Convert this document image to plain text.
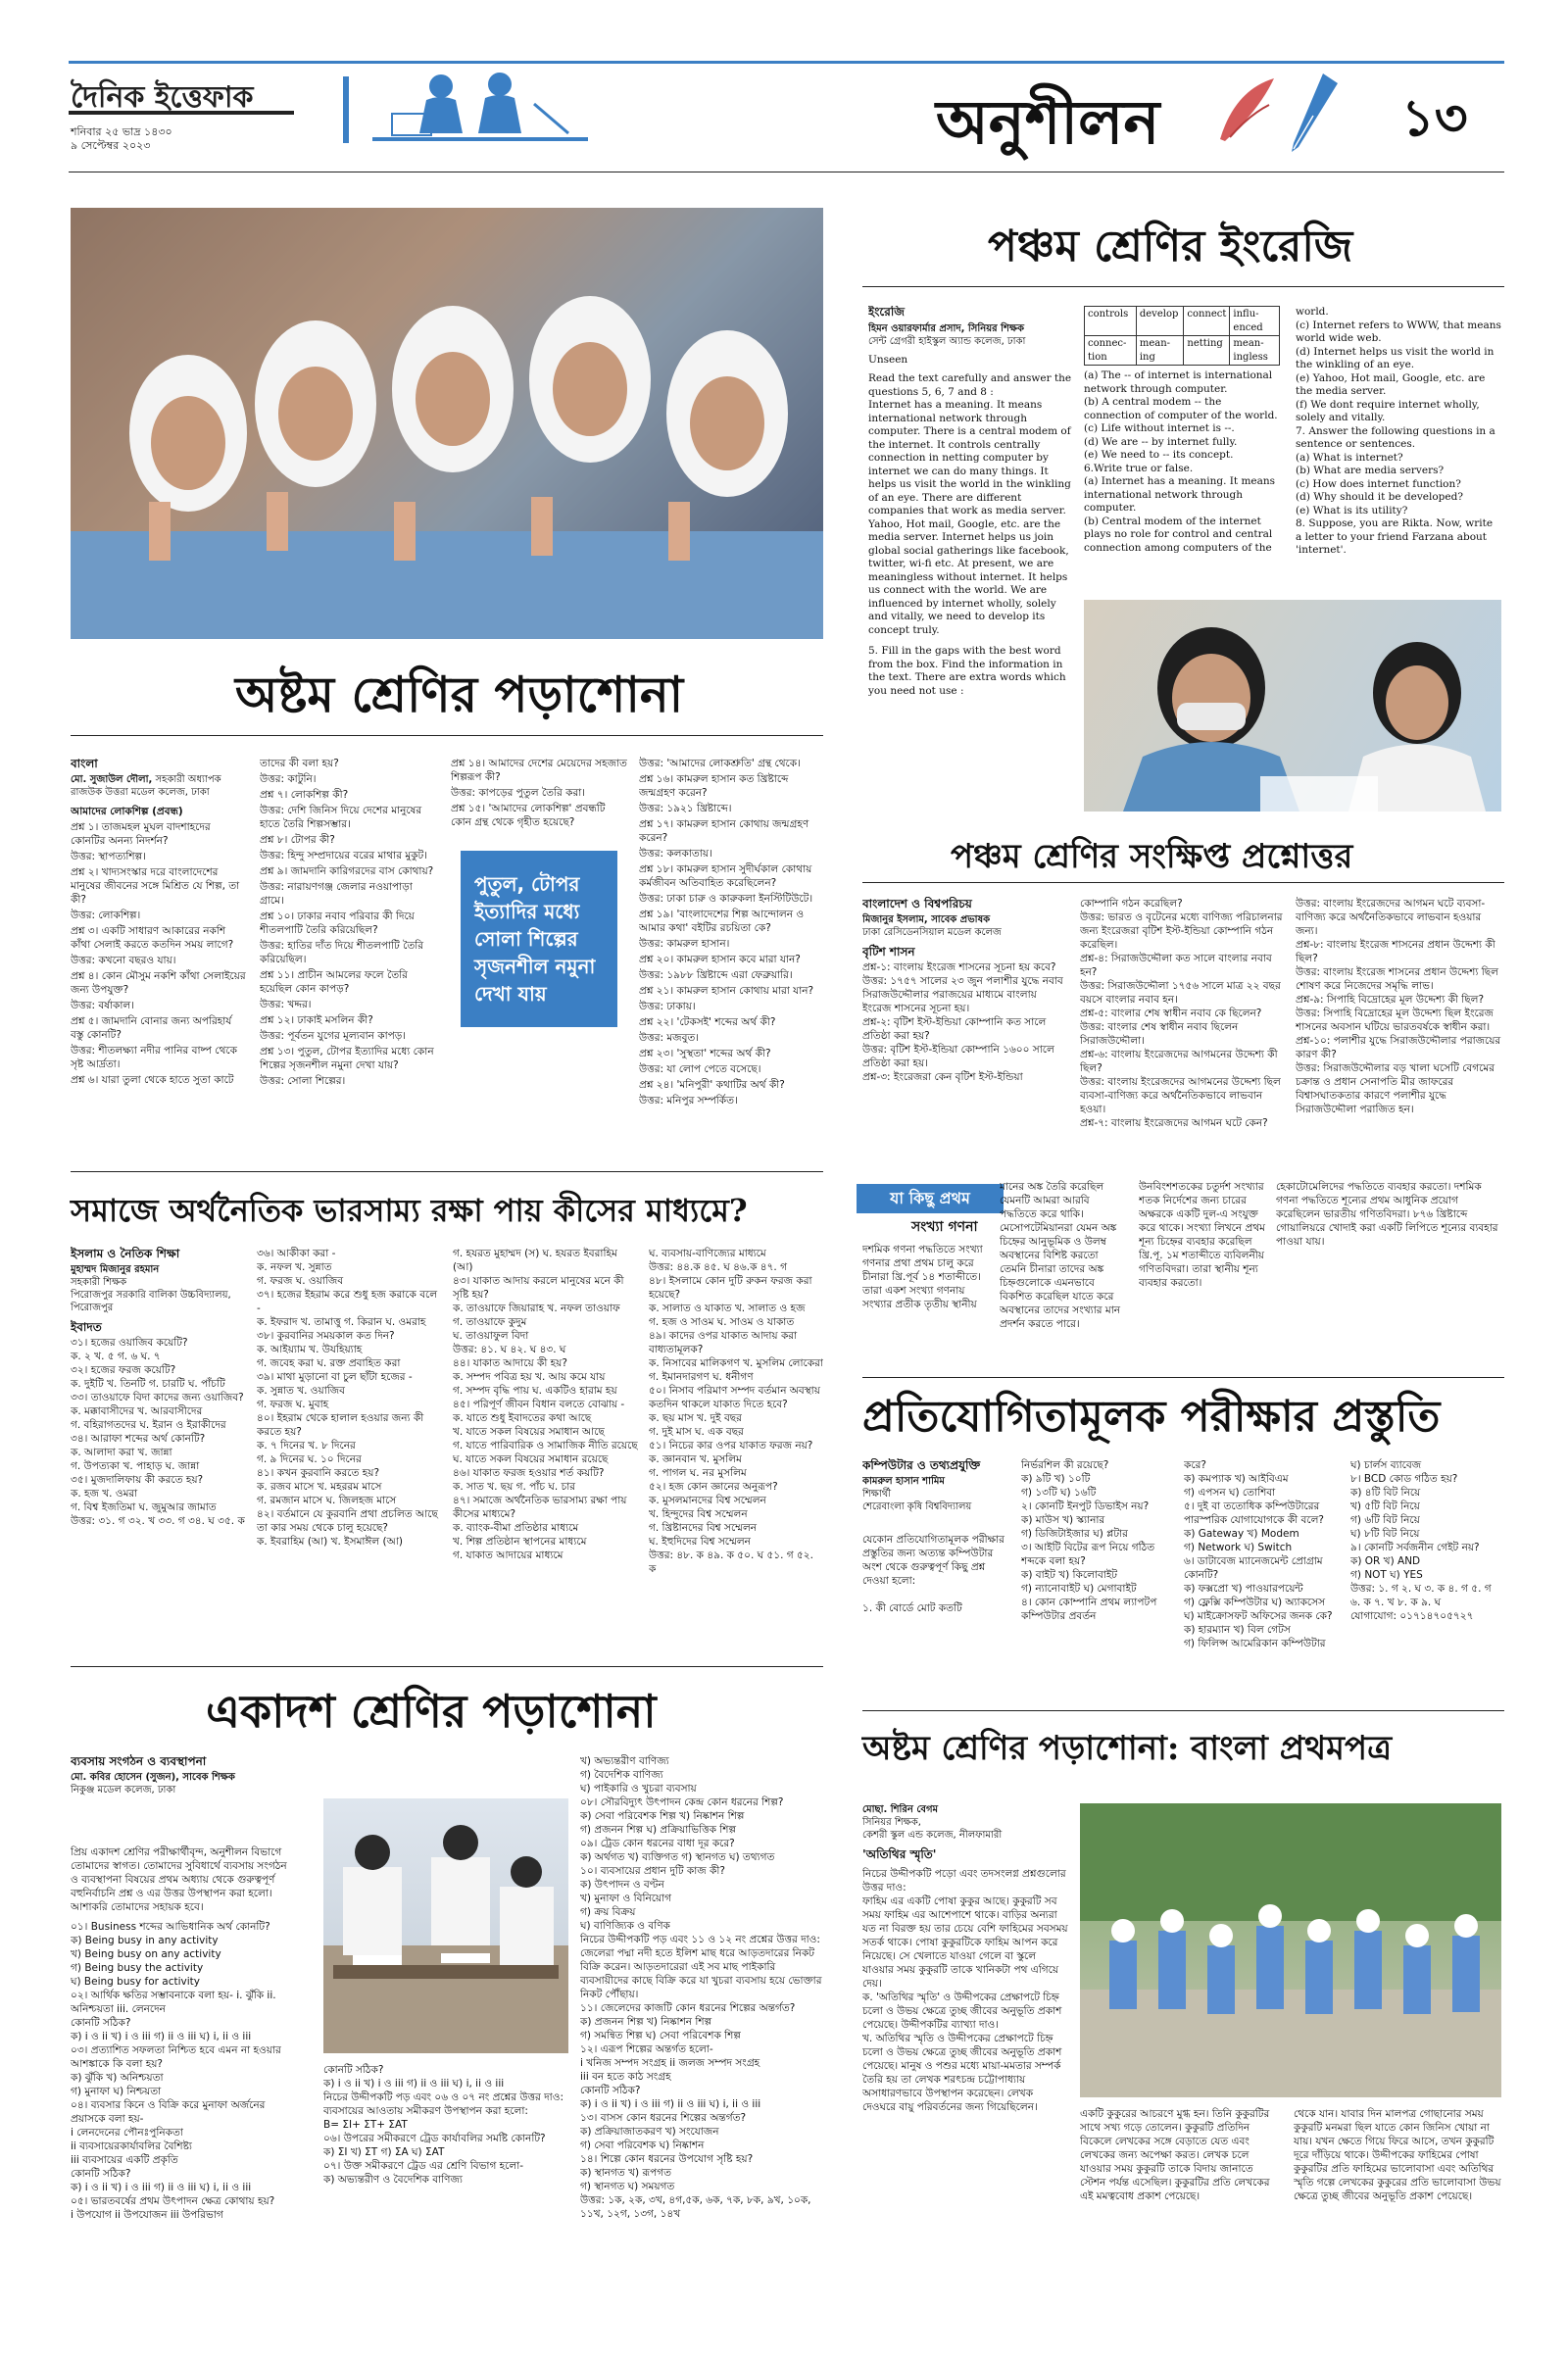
দৈনিক ইত্তেফাক
শনিবার ২৫ ভাদ্র ১৪৩০
৯ সেপ্টেম্বর ২০২৩	অনুশীলন	১৩
অষ্টম শ্রেণির পড়াশোনা
বাংলা
মো. সুজাউল দৌলা, সহকারী অধ্যাপক
রাজউক উত্তরা মডেল কলেজ, ঢাকা

আমাদের লোকশিল্প (প্রবন্ধ)

প্রশ্ন ১। তাজমহল মুঘল বাদশাহদের কোনটির অনন্য নিদর্শন?

উত্তর: স্থাপত্যশিল্প।

প্রশ্ন ২। খাদ্যসংস্কার দরে বাংলাদেশের মানুষের জীবনের সঙ্গে মিশ্রিত যে শিল্প, তা কী?

উত্তর: লোকশিল্প।

প্রশ্ন ৩। একটি সাধারণ আকারের নকশি কাঁথা সেলাই করতে কতদিন সময় লাগে?

উত্তর: কখনো বছরও যায়।

প্রশ্ন ৪। কোন মৌসুম নকশি কাঁথা সেলাইয়ের জন্য উপযুক্ত?

উত্তর: বর্ষাকাল।

প্রশ্ন ৫। জামদানি বোনার জন্য অপরিহার্য বস্তু কোনটি?

উত্তর: শীতলক্ষ্যা নদীর পানির বাষ্প থেকে সৃষ্ট আর্দ্রতা।

প্রশ্ন ৬। যারা তুলা থেকে হাতে সুতা কাটে

তাদের কী বলা হয়?

উত্তর: কাটুনি।

প্রশ্ন ৭। লোকশিল্প কী?

উত্তর: দেশি জিনিস দিয়ে দেশের মানুষের হাতে তৈরি শিল্পসম্ভার।

প্রশ্ন ৮। টোপর কী?

উত্তর: হিন্দু সম্প্রদায়ের বরের মাথার মুকুট।

প্রশ্ন ৯। জামদানি কারিগরদের বাস কোথায়?

উত্তর: নারায়ণগঞ্জ জেলার নওয়াপাড়া গ্রামে।

প্রশ্ন ১০। ঢাকার নবাব পরিবার কী দিয়ে শীতলপাটি তৈরি করিয়েছিল?

উত্তর: হাতির দাঁত দিয়ে শীতলপাটি তৈরি করিয়েছিল।

প্রশ্ন ১১। প্রাচীন আমলের ফলে তৈরি হয়েছিল কোন কাপড়?

উত্তর: খদ্দর।

প্রশ্ন ১২। ঢাকাই মসলিন কী?

উত্তর: পূর্বতন যুগের মূল্যবান কাপড়।

প্রশ্ন ১৩। পুতুল, টোপর ইত্যাদির মধ্যে কোন শিল্পের সৃজনশীল নমুনা দেখা যায়?

উত্তর: সোলা শিল্পের।

প্রশ্ন ১৪। আমাদের দেশের মেয়েদের সহজাত শিল্পরূপ কী?

উত্তর: কাপড়ের পুতুল তৈরি করা।

প্রশ্ন ১৫। 'আমাদের লোকশিল্প' প্রবন্ধটি কোন গ্রন্থ থেকে গৃহীত হয়েছে?

পুতুল, টোপর ইত্যাদির মধ্যে সোলা শিল্পের সৃজনশীল নমুনা দেখা যায়

উত্তর: 'আমাদের লোকশ্রুতি' গ্রন্থ থেকে।

প্রশ্ন ১৬। কামরুল হাসান কত খ্রিষ্টাব্দে জন্মগ্রহণ করেন?

উত্তর: ১৯২১ খ্রিষ্টাব্দে।

প্রশ্ন ১৭। কামরুল হাসান কোথায় জন্মগ্রহণ করেন?

উত্তর: কলকাতায়।

প্রশ্ন ১৮। কামরুল হাসান সুদীর্ঘকাল কোথায় কর্মজীবন অতিবাহিত করেছিলেন?

উত্তর: ঢাকা চারু ও কারুকলা ইনস্টিটিউটে।

প্রশ্ন ১৯। 'বাংলাদেশের শিল্প আন্দোলন ও আমার কথা' বইটির রচয়িতা কে?

উত্তর: কামরুল হাসান।

প্রশ্ন ২০। কামরুল হাসান কবে মারা যান?

উত্তর: ১৯৮৮ খ্রিষ্টাব্দে এরা ফেব্রুয়ারি।

প্রশ্ন ২১। কামরুল হাসান কোথায় মারা যান?

উত্তর: ঢাকায়।

প্রশ্ন ২২। 'টেকসই' শব্দের অর্থ কী?

উত্তর: মজবুত।

প্রশ্ন ২৩। 'সুস্থতা' শব্দের অর্থ কী?

উত্তর: যা লোপ পেতে বসেছে।

প্রশ্ন ২৪। 'মনিপুরী' কথাটির অর্থ কী?

উত্তর: মনিপুর সম্পর্কিত।

পঞ্চম শ্রেণির ইংরেজি
ইংরেজি
হিমন ওয়ারফার্মার প্রসাদ, সিনিয়র শিক্ষক
সেন্ট গ্রেগরী হাইস্কুল অ্যান্ড কলেজ, ঢাকা

Unseen

Read the text carefully and answer the questions 5, 6, 7 and 8 :
Internet has a meaning. It means international network through computer. There is a central modem of the internet. It controls centrally connection in netting computer by internet we can do many things. It helps us visit the world in the winkling of an eye. There are different companies that work as media server. Yahoo, Hot mail, Google, etc. are the media server. Internet helps us join global social gatherings like facebook, twitter, wi-fi etc. At present, we are meaningless without internet. It helps us connect with the world. We are influenced by internet wholly, solely and vitally, we need to develop its concept truly.

5. Fill in the gaps with the best word from the box. Find the information in the text. There are extra words which you need not use :

controls	develop	connect	influ-enced
connec-tion	mean-ing	netting	mean-ingless
(a) The -- of internet is international network through computer.
(b) A central modem -- the connection of computer of the world.
(c) Life without internet is --.
(d) We are -- by internet fully.
(e) We need to -- its concept.
6.Write true or false.
(a) Internet has a meaning. It means international network through computer.
(b) Central modem of the internet plays no role for control and central connection among computers of the
world.
(c) Internet refers to WWW, that means world wide web.
(d) Internet helps us visit the world in the winkling of an eye.
(e) Yahoo, Hot mail, Google, etc. are the media server.
(f) We dont require internet wholly, solely and vitally.
7. Answer the following questions in a sentence or sentences.
(a) What is internet?
(b) What are media servers?
(c) How does internet function?
(d) Why should it be developed?
(e) What is its utility?
8. Suppose, you are Rikta. Now, write a letter to your friend Farzana about 'internet'.
পঞ্চম শ্রেণির সংক্ষিপ্ত প্রশ্নোত্তর
বাংলাদেশ ও বিশ্বপরিচয়
মিজানুর ইসলাম, সাবেক প্রভাষক
ঢাকা রেসিডেনসিয়াল মডেল কলেজ

বৃটিশ শাসন

প্রশ্ন-১: বাংলায় ইংরেজ শাসনের সূচনা হয় কবে?
উত্তর: ১৭৫৭ সালের ২৩ জুন পলাশীর যুদ্ধে নবাব সিরাজউদ্দৌলার পরাজয়ের মাধ্যমে বাংলায় ইংরেজ শাসনের সূচনা হয়।
প্রশ্ন-২: বৃটিশ ইস্ট-ইন্ডিয়া কোম্পানি কত সালে প্রতিষ্ঠা করা হয়?
উত্তর: বৃটিশ ইস্ট-ইন্ডিয়া কোম্পানি ১৬০০ সালে প্রতিষ্ঠা করা হয়।
প্রশ্ন-৩: ইংরেজরা কেন বৃটিশ ইস্ট-ইন্ডিয়া
কোম্পানি গঠন করেছিল?
উত্তর: ভারত ও বৃটেনের মধ্যে বাণিজ্য পরিচালনার জন্য ইংরেজরা বৃটিশ ইস্ট-ইন্ডিয়া কোম্পানি গঠন করেছিল।
প্রশ্ন-৪: সিরাজউদ্দৌলা কত সালে বাংলার নবাব হন?
উত্তর: সিরাজউদ্দৌলা ১৭৫৬ সালে মাত্র ২২ বছর বয়সে বাংলার নবাব হন।
প্রশ্ন-৫: বাংলার শেষ স্বাধীন নবাব কে ছিলেন?
উত্তর: বাংলার শেষ স্বাধীন নবাব ছিলেন সিরাজউদ্দৌলা।
প্রশ্ন-৬: বাংলায় ইংরেজদের আগমনের উদ্দেশ্য কী ছিল?
উত্তর: বাংলায় ইংরেজদের আগমনের উদ্দেশ্য ছিল ব্যবসা-বাণিজ্য করে অর্থনৈতিকভাবে লাভবান হওয়া।
প্রশ্ন-৭: বাংলায় ইংরেজদের আগমন ঘটে কেন?
উত্তর: বাংলায় ইংরেজদের আগমন ঘটে ব্যবসা-বাণিজ্য করে অর্থনৈতিকভাবে লাভবান হওয়ার জন্য।
প্রশ্ন-৮: বাংলায় ইংরেজ শাসনের প্রধান উদ্দেশ্য কী ছিল?
উত্তর: বাংলায় ইংরেজ শাসনের প্রধান উদ্দেশ্য ছিল শোষণ করে নিজেদের সমৃদ্ধি লাভ।
প্রশ্ন-৯: সিপাহি বিদ্রোহের মূল উদ্দেশ্য কী ছিল?
উত্তর: সিপাহি বিদ্রোহের মূল উদ্দেশ্য ছিল ইংরেজ শাসনের অবসান ঘটিয়ে ভারতবর্ষকে স্বাধীন করা।
প্রশ্ন-১০: পলাশীর যুদ্ধে সিরাজউদ্দৌলার পরাজয়ের কারণ কী?
উত্তর: সিরাজউদ্দৌলার বড় খালা ঘসেটি বেগমের চক্রান্ত ও প্রধান সেনাপতি মীর জাফরের বিশ্বাসঘাতকতার কারণে পলাশীর যুদ্ধে সিরাজউদ্দৌলা পরাজিত হন।
সমাজে অর্থনৈতিক ভারসাম্য রক্ষা পায় কীসের মাধ্যমে?	যা কিছু প্রথম
সংখ্যা গণনা
দশমিক গণনা পদ্ধতিতে সংখ্যা গণনার প্রথা প্রথম চালু করে চীনারা খ্রি.পূর্ব ১৪ শতাব্দীতে। তারা একশ সংখ্যা গণনায় সংখ্যার প্রতীক তৃতীয় স্থানীয়
মানের অঙ্ক তৈরি করেছিল যেমনটি আমরা আরবি পদ্ধতিতে করে থাকি। মেসোপটেমিয়ানরা যেমন অঙ্ক চিহ্নের আনুভূমিক ও উলম্ব অবস্থানের বিশিষ্ট করতো তেমনি চীনারা তাদের অঙ্ক চিহ্নগুলোকে এমনভাবে বিকশিত করেছিল যাতে করে অবস্থানের তাদের সংখ্যার মান প্রদর্শন করতে পারে।
উনবিংশশতকের চতুর্দশ সংখ্যার শতক নির্দেশের জন্য চারের অক্ষরকে একটি দুল-এ সংযুক্ত করে থাকে। সংখ্যা লিখনে প্রথম শূন্য চিহ্নের ব্যবহার করেছিল খ্রি.পূ. ১ম শতাব্দীতে ব্যবিলনীয় গণিতবিদরা। তারা স্থানীয় শূন্য ব্যবহার করতো।
হেকাটোমেলিদের পদ্ধতিতে ব্যবহার করতো। দশমিক গণনা পদ্ধতিতে শূন্যের প্রথম আধুনিক প্রয়োগ করেছিলেন ভারতীয় গণিতবিদরা। ৮৭৬ খ্রিষ্টাব্দে গোয়ালিয়রে খোদাই করা একটি লিপিতে শূন্যের ব্যবহার পাওয়া যায়।
ইসলাম ও নৈতিক শিক্ষা
মুহাম্মদ মিজানুর রহমান
সহকারী শিক্ষক
পিরোজপুর সরকারি বালিকা উচ্চবিদ্যালয়, পিরোজপুর

ইবাদত

৩১। হজের ওয়াজিব কয়েটি?
ক. ২ খ. ৫ গ. ৬ ঘ. ৭
৩২। হজের ফরজ কয়েটি?
ক. দুইটি খ. তিনটি গ. চারটি ঘ. পাঁচটি
৩৩। তাওয়াফে বিদা কাদের জন্য ওয়াজিব?
ক. মক্কাবাসীদের খ. আরবাসীদের
গ. বহিরাগতদের ঘ. ইরান ও ইরাকীদের
৩৪। আরাফা শব্দের অর্থ কোনটি?
ক. আলাদা করা খ. জান্না
গ. উপত্যকা খ. পাহাড় ঘ. জান্না
৩৫। মুজদালিফায় কী করতে হয়?
ক. হজ খ. ওমরা
গ. বিশ্ব ইজতিমা ঘ. জুমুআর জামাত
উত্তর: ৩১. গ ৩২. খ ৩৩. গ ৩৪. ঘ ৩৫. ক
৩৬। আকীকা করা -
ক. নফল খ. সুন্নাত
গ. ফরজ ঘ. ওয়াজিব
৩৭। হজের ইহরাম করে শুধু হজ করাকে বলে -
ক. ইফরাদ খ. তামাত্তু গ. কিরান ঘ. ওমরাহ
৩৮। কুরবানির সময়কাল কত দিন?
ক. আইয়্যাম খ. উযহিয়্যাহ
গ. জবেহ করা ঘ. রক্ত প্রবাহিত করা
৩৯। মাথা মুড়ানো বা চুল ছাঁটা হজের -
ক. সুন্নাত খ. ওয়াজিব
গ. ফরজ ঘ. মুবাহ
৪০। ইহরাম থেকে হালাল হওয়ার জন্য কী করতে হয়?
ক. ৭ দিনের খ. ৮ দিনের
গ. ৯ দিনের ঘ. ১০ দিনের
৪১। কখন কুরবানি করতে হয়?
ক. রজব মাসে খ. মহররম মাসে
গ. রমজান মাসে ঘ. জিলহজ মাসে
৪২। বর্তমানে যে কুরবানি প্রথা প্রচলিত আছে তা কার সময় থেকে চালু হয়েছে?
ক. ইবরাহিম (আ) খ. ইসমাঈল (আ)
গ. হযরত মুহাম্মদ (স) ঘ. হযরত ইবরাহিম (আ)
৪৩। যাকাত আদায় করলে মানুষের মনে কী সৃষ্টি হয়?
ক. তাওয়াফে জিয়ারাহ খ. নফল তাওয়াফ
গ. তাওয়াফে কুদুম
ঘ. তাওয়াফুল বিদা
উত্তর: ৪১. ঘ ৪২. ঘ ৪৩. ঘ
৪৪। যাকাত আদায়ে কী হয়?
ক. সম্পদ পবিত্র হয় খ. আয় কমে যায়
গ. সম্পদ বৃদ্ধি পায় ঘ. একটিও হারাম হয়
৪৫। পরিপূর্ণ জীবন বিধান বলতে বোঝায় -
ক. যাতে শুধু ইবাদতের কথা আছে
খ. যাতে সকল বিষয়ের সমাধান আছে
গ. যাতে পারিবারিক ও সামাজিক নীতি রয়েছে
ঘ. যাতে সকল বিষয়ের সমাধান রয়েছে
৪৬। যাকাত ফরজ হওয়ার শর্ত কয়টি?
ক. সাত খ. ছয় গ. পাঁচ ঘ. চার
৪৭। সমাজে অর্থনৈতিক ভারসাম্য রক্ষা পায় কীসের মাধ্যমে?
ক. ব্যাংক-বীমা প্রতিষ্ঠার মাধ্যমে
খ. শিল্প প্রতিষ্ঠান স্থাপনের মাধ্যমে
গ. যাকাত আদায়ের মাধ্যমে
ঘ. ব্যবসায়-বাণিজ্যের মাধ্যমে
উত্তর: ৪৪.ক ৪৫. ঘ ৪৬.ক ৪৭. গ
৪৮। ইসলামে কোন দুটি রুকন ফরজ করা হয়েছে?
ক. সালাত ও যাকাত খ. সালাত ও হজ
গ. হজ ও সাওম ঘ. সাওম ও যাকাত
৪৯। কাদের ওপর যাকাত আদায় করা বাধ্যতামূলক?
ক. নিসাবের মালিকগণ খ. মুসলিম লোকেরা গ. ইমানদারগণ ঘ. ধনীগণ
৫০। নিসাব পরিমাণ সম্পদ বর্তমান অবস্থায় কতদিন থাকলে যাকাত দিতে হবে?
ক. ছয় মাস খ. দুই বছর
গ. দুই মাস ঘ. এক বছর
৫১। নিচের কার ওপর যাকাত ফরজ নয়?
ক. জ্ঞানবান খ. মুসলিম
গ. পাগল ঘ. নর মুসলিম
৫২। হজ কোন জ্ঞানের অনুরূপ?
ক. মুসলমানদের বিশ্ব সম্মেলন
খ. হিন্দুদের বিশ্ব সম্মেলন
গ. খ্রিষ্টানদের বিশ্ব সম্মেলন
ঘ. ইহুদিদের বিশ্ব সম্মেলন
উত্তর: ৪৮. ক ৪৯. ক ৫০. ঘ ৫১. গ ৫২. ক
প্রতিযোগিতামূলক পরীক্ষার প্রস্তুতি
কম্পিউটার ও তথ্যপ্রযুক্তি
কামরুল হাসান শামিম
শিক্ষার্থী
শেরেবাংলা কৃষি বিশ্ববিদ্যালয়

যেকোন প্রতিযোগিতামূলক পরীক্ষার প্রস্তুতির জন্য অত্যন্ত কম্পিউটার অংশ থেকে গুরুত্বপূর্ণ কিছু প্রশ্ন দেওয়া হলো:

১. কী বোর্ডে মোট কতটি

নির্ভরশিল কী রয়েছে?
ক) ৯টি খ) ১০টি
গ) ১৩টি ঘ) ১৬টি
২। কোনটি ইনপুট ডিভাইস নয়?
ক) মাউস খ) স্ক্যানার
গ) ডিজিটাইজার ঘ) প্লটার
৩। আইটি বিটের রূপ নিয়ে গঠিত শব্দকে বলা হয়?
ক) বাইট খ) কিলোবাইট
গ) ন্যানোবাইট ঘ) মেগাবাইট
৪। কোন কোম্পানি প্রথম ল্যাপটপ কম্পিউটার প্রবর্তন
করে?
ক) কমপ্যাক খ) আইবিএম
গ) এপসন ঘ) তোশিবা
৫। দুই বা ততোধিক কম্পিউটারের পারস্পরিক যোগাযোগকে কী বলে?
ক) Gateway খ) Modem
গ) Network ঘ) Switch
৬। ডাটাবেজ ম্যানেজমেন্ট প্রোগ্রাম কোনটি?
ক) ফক্সপ্রো খ) পাওয়ারপয়েন্ট
গ) ফ্লেক্সি কম্পিউটার ঘ) অ্যাকসেস
ঘ) মাইক্রোসফট অফিসের জনক কে?
ক) হারম্যান খ) বিল গেটস
গ) ফিলিপ্স আমেরিকান কম্পিউটার
ঘ) চার্লস ব্যাবেজ
৮। BCD কোড গঠিত হয়?
ক) ৪টি বিট নিয়ে
খ) ৫টি বিট নিয়ে
গ) ৬টি বিট নিয়ে
ঘ) ৮টি বিট নিয়ে
৯। কোনটি সর্বজনীন গেইট নয়?
ক) OR খ) AND
গ) NOT ঘ) YES
উত্তর: ১. গ ২. ঘ ৩. ক ৪. গ ৫. গ ৬. ক ৭. খ ৮. ক ৯. ঘ
যোগাযোগ: ০১৭১৪৭০৫৭২৭
একাদশ শ্রেণির পড়াশোনা
ব্যবসায় সংগঠন ও ব্যবস্থাপনা
মো. কবির হোসেন (সুজন), সাবেক শিক্ষক
নিকুঞ্জ মডেল কলেজ, ঢাকা

প্রিয় একাদশ শ্রেণির পরীক্ষার্থীবৃন্দ, অনুশীলন বিভাগে তোমাদের স্বাগত। তোমাদের সুবিধার্থে ব্যবসায় সংগঠন ও ব্যবস্থাপনা বিষয়ের প্রথম অধ্যায় থেকে গুরুত্বপূর্ণ বহুনির্বাচনি প্রশ্ন ও এর উত্তর উপস্থাপন করা হলো। আশাকরি তোমাদের সহায়ক হবে।

০১। Business শব্দের আভিধানিক অর্থ কোনটি?
ক) Being busy in any activity
খ) Being busy on any activity
গ) Being busy the activity
ঘ) Being busy for activity
০২। আর্থিক ক্ষতির সম্ভাবনাকে বলা হয়- i. ঝুঁকি ii. অনিশ্চয়তা iii. লেনদেন
কোনটি সঠিক?
ক) i ও ii খ) i ও iii গ) ii ও iii ঘ) i, ii ও iii
০৩। প্রত্যাশিত সফলতা নিশ্চিত হবে এমন না হওয়ার আশঙ্কাকে কি বলা হয়?
ক) ঝুঁকি খ) অনিশ্চয়তা
গ) মুনাফা ঘ) নিশ্চয়তা
০৪। ব্যবসার কিনে ও বিক্রি করে মুনাফা অর্জনের প্রয়াসকে বলা হয়-
i লেনদেনের পৌনঃপুনিকতা
ii ব্যবসায়েরকার্যাবলির বৈশিষ্ট্য
iii ব্যবসায়ের একটি প্রকৃতি
কোনটি সঠিক?
ক) i ও ii খ) i ও iii গ) ii ও iii ঘ) i, ii ও iii
০৫। ভারতবর্ষের প্রথম উৎপাদন ক্ষেত্র কোথায় হয়?
i উপযোগ ii উপযোজন iii উপরিভাগ
কোনটি সঠিক?
ক) i ও ii খ) i ও iii গ) ii ও iii ঘ) i, ii ও iii
নিচের উদ্দীপকটি পড় এবং ০৬ ও ০৭ নং প্রশ্নের উত্তর দাও:
ব্যবসায়ের আওতায় সমীকরণ উপস্থাপন করা হলো:
B= ΣI+ ΣT+ ΣAT
০৬। উপরের সমীকরণে ট্রেড কার্যাবলির সমষ্টি কোনটি?
ক) ΣI খ) ΣT গ) ΣA ঘ) ΣAT
০৭। উক্ত সমীকরণে ট্রেড এর শ্রেণি বিভাগ হলো-
ক) অভ্যন্তরীণ ও বৈদেশিক বাণিজ্য
খ) অভ্যন্তরীণ বাণিজ্য
গ) বৈদেশিক বাণিজ্য
ঘ) পাইকারি ও খুচরা ব্যবসায়
০৮। সৌরবিদ্যুৎ উৎপাদন কেন্দ্র কোন ধরনের শিল্প?
ক) সেবা পরিবেশক শিল্প খ) নিষ্কাশন শিল্প
গ) প্রজনন শিল্প ঘ) প্রক্রিয়াভিত্তিক শিল্প
০৯। ট্রেড কোন ধরনের বাধা দূর করে?
ক) অর্থগত খ) ব্যক্তিগত গ) স্থানগত ঘ) তথ্যগত
১০। ব্যবসায়ের প্রধান দুটি কাজ কী?
ক) উৎপাদন ও বণ্টন
খ) মুনাফা ও বিনিয়োগ
গ) ক্রয় বিক্রয়
ঘ) বাণিজ্যিক ও বণিক
নিচের উদ্দীপকটি পড় এবং ১১ ও ১২ নং প্রশ্নের উত্তর দাও:
জেলেরা পদ্মা নদী হতে ইলিশ মাছ ধরে আড়তদারের নিকট বিক্রি করেন। আড়তদারেরা এই সব মাছ পাইকারি ব্যবসায়ীদের কাছে বিক্রি করে যা খুচরা ব্যবসায় হয়ে ভোক্তার নিকট পৌঁছায়।
১১। জেলেদের কাজটি কোন ধরনের শিল্পের অন্তর্গত?
ক) প্রজনন শিল্প খ) নিষ্কাশন শিল্প
গ) সমন্বিত শিল্প ঘ) সেবা পরিবেশক শিল্প
১২। এরূপ শিল্পের অন্তর্গত হলো-
i খনিজ সম্পদ সংগ্রহ ii জলজ সম্পদ সংগ্রহ
iii বন হতে কাঠ সংগ্রহ
কোনটি সঠিক?
ক) i ও ii খ) i ও iii গ) ii ও iii ঘ) i, ii ও iii
১৩। বাসস কোন ধরনের শিল্পের অন্তর্গত?
ক) প্রক্রিয়াজাতকরণ খ) সংযোজন
গ) সেবা পরিবেশক ঘ) নিষ্কাশন
১৪। শিল্পে কোন ধরনের উপযোগ সৃষ্টি হয়?
ক) স্থানগত খ) রূপগত
গ) স্থানগত ঘ) সময়গত
উত্তর: ১ক, ২ক, ৩খ, ৪গ,৫ক, ৬ক, ৭ক, ৮ক, ৯খ, ১০ক, ১১খ, ১২গ, ১৩গ, ১৪খ
অষ্টম শ্রেণির পড়াশোনা: বাংলা প্রথমপত্র
মোছা. শিরিন বেগম
সিনিয়র শিক্ষক,
কেশরী স্কুল এন্ড কলেজ, নীলফামারী

'অতিথির স্মৃতি'

নিচের উদ্দীপকটি পড়ো এবং তদসংলগ্ন প্রশ্নগুলোর উত্তর দাও:
ফাহিম এর একটি পোষা কুকুর আছে। কুকুরটি সব সময় ফাহিম এর আশেপাশে থাকে। বাড়ির অন্যরা যত না বিরক্ত হয় তার চেয়ে বেশি ফাহিমের সবসময় সতর্ক থাকে। পোষা কুকুরটিকে ফাহিম আপন করে নিয়েছে। সে খেলাতে যাওয়া গেলে বা স্কুলে যাওয়ার সময় কুকুরটি তাকে খানিকটা পথ এগিয়ে দেয়।
ক. 'অতিথির স্মৃতি' ও উদ্দীপকের প্রেক্ষাপটে চিহ্ন চলো ও উভয় ক্ষেত্রে তুচ্ছ জীবের অনুভূতি প্রকাশ পেয়েছে। উদ্দীপকটির ব্যাখ্যা দাও।
খ. অতিথির স্মৃতি ও উদ্দীপকের প্রেক্ষাপটে চিহ্ন চলো ও উভয় ক্ষেত্রে তুচ্ছ জীবের অনুভূতি প্রকাশ পেয়েছে। মানুষ ও পশুর মধ্যে মায়া-মমতার সম্পর্ক তৈরি হয় তা লেখক শরৎচন্দ্র চট্টোপাধ্যায় অসাধারণভাবে উপস্থাপন করেছেন। লেখক দেওঘরে বায়ু পরিবর্তনের জন্য গিয়েছিলেন।
একটি কুকুরের আচরণে মুগ্ধ হন। তিনি কুকুরটির সাথে সখ্য গড়ে তোলেন। কুকুরটি প্রতিদিন বিকেলে লেখকের সঙ্গে বেড়াতে যেত এবং লেখকের জন্য অপেক্ষা করত। লেখক চলে যাওয়ার সময় কুকুরটি তাকে বিদায় জানাতে স্টেশন পর্যন্ত এসেছিল। কুকুরটির প্রতি লেখকের এই মমত্ববোধ প্রকাশ পেয়েছে।
থেকে যান। যাবার দিন মালপত্র গোছানোর সময় কুকুরটি মনমরা ছিল যাতে কোন জিনিস খোয়া না যায়। যখন ক্ষেতে গিয়ে ফিরে আসে, তখন কুকুরটি দূরে দাঁড়িয়ে থাকে। উদ্দীপকের ফাহিমের পোষা কুকুরটির প্রতি ফাহিমের ভালোবাসা এবং অতিথির স্মৃতি গল্পে লেখকের কুকুরের প্রতি ভালোবাসা উভয় ক্ষেত্রে তুচ্ছ জীবের অনুভূতি প্রকাশ পেয়েছে।
